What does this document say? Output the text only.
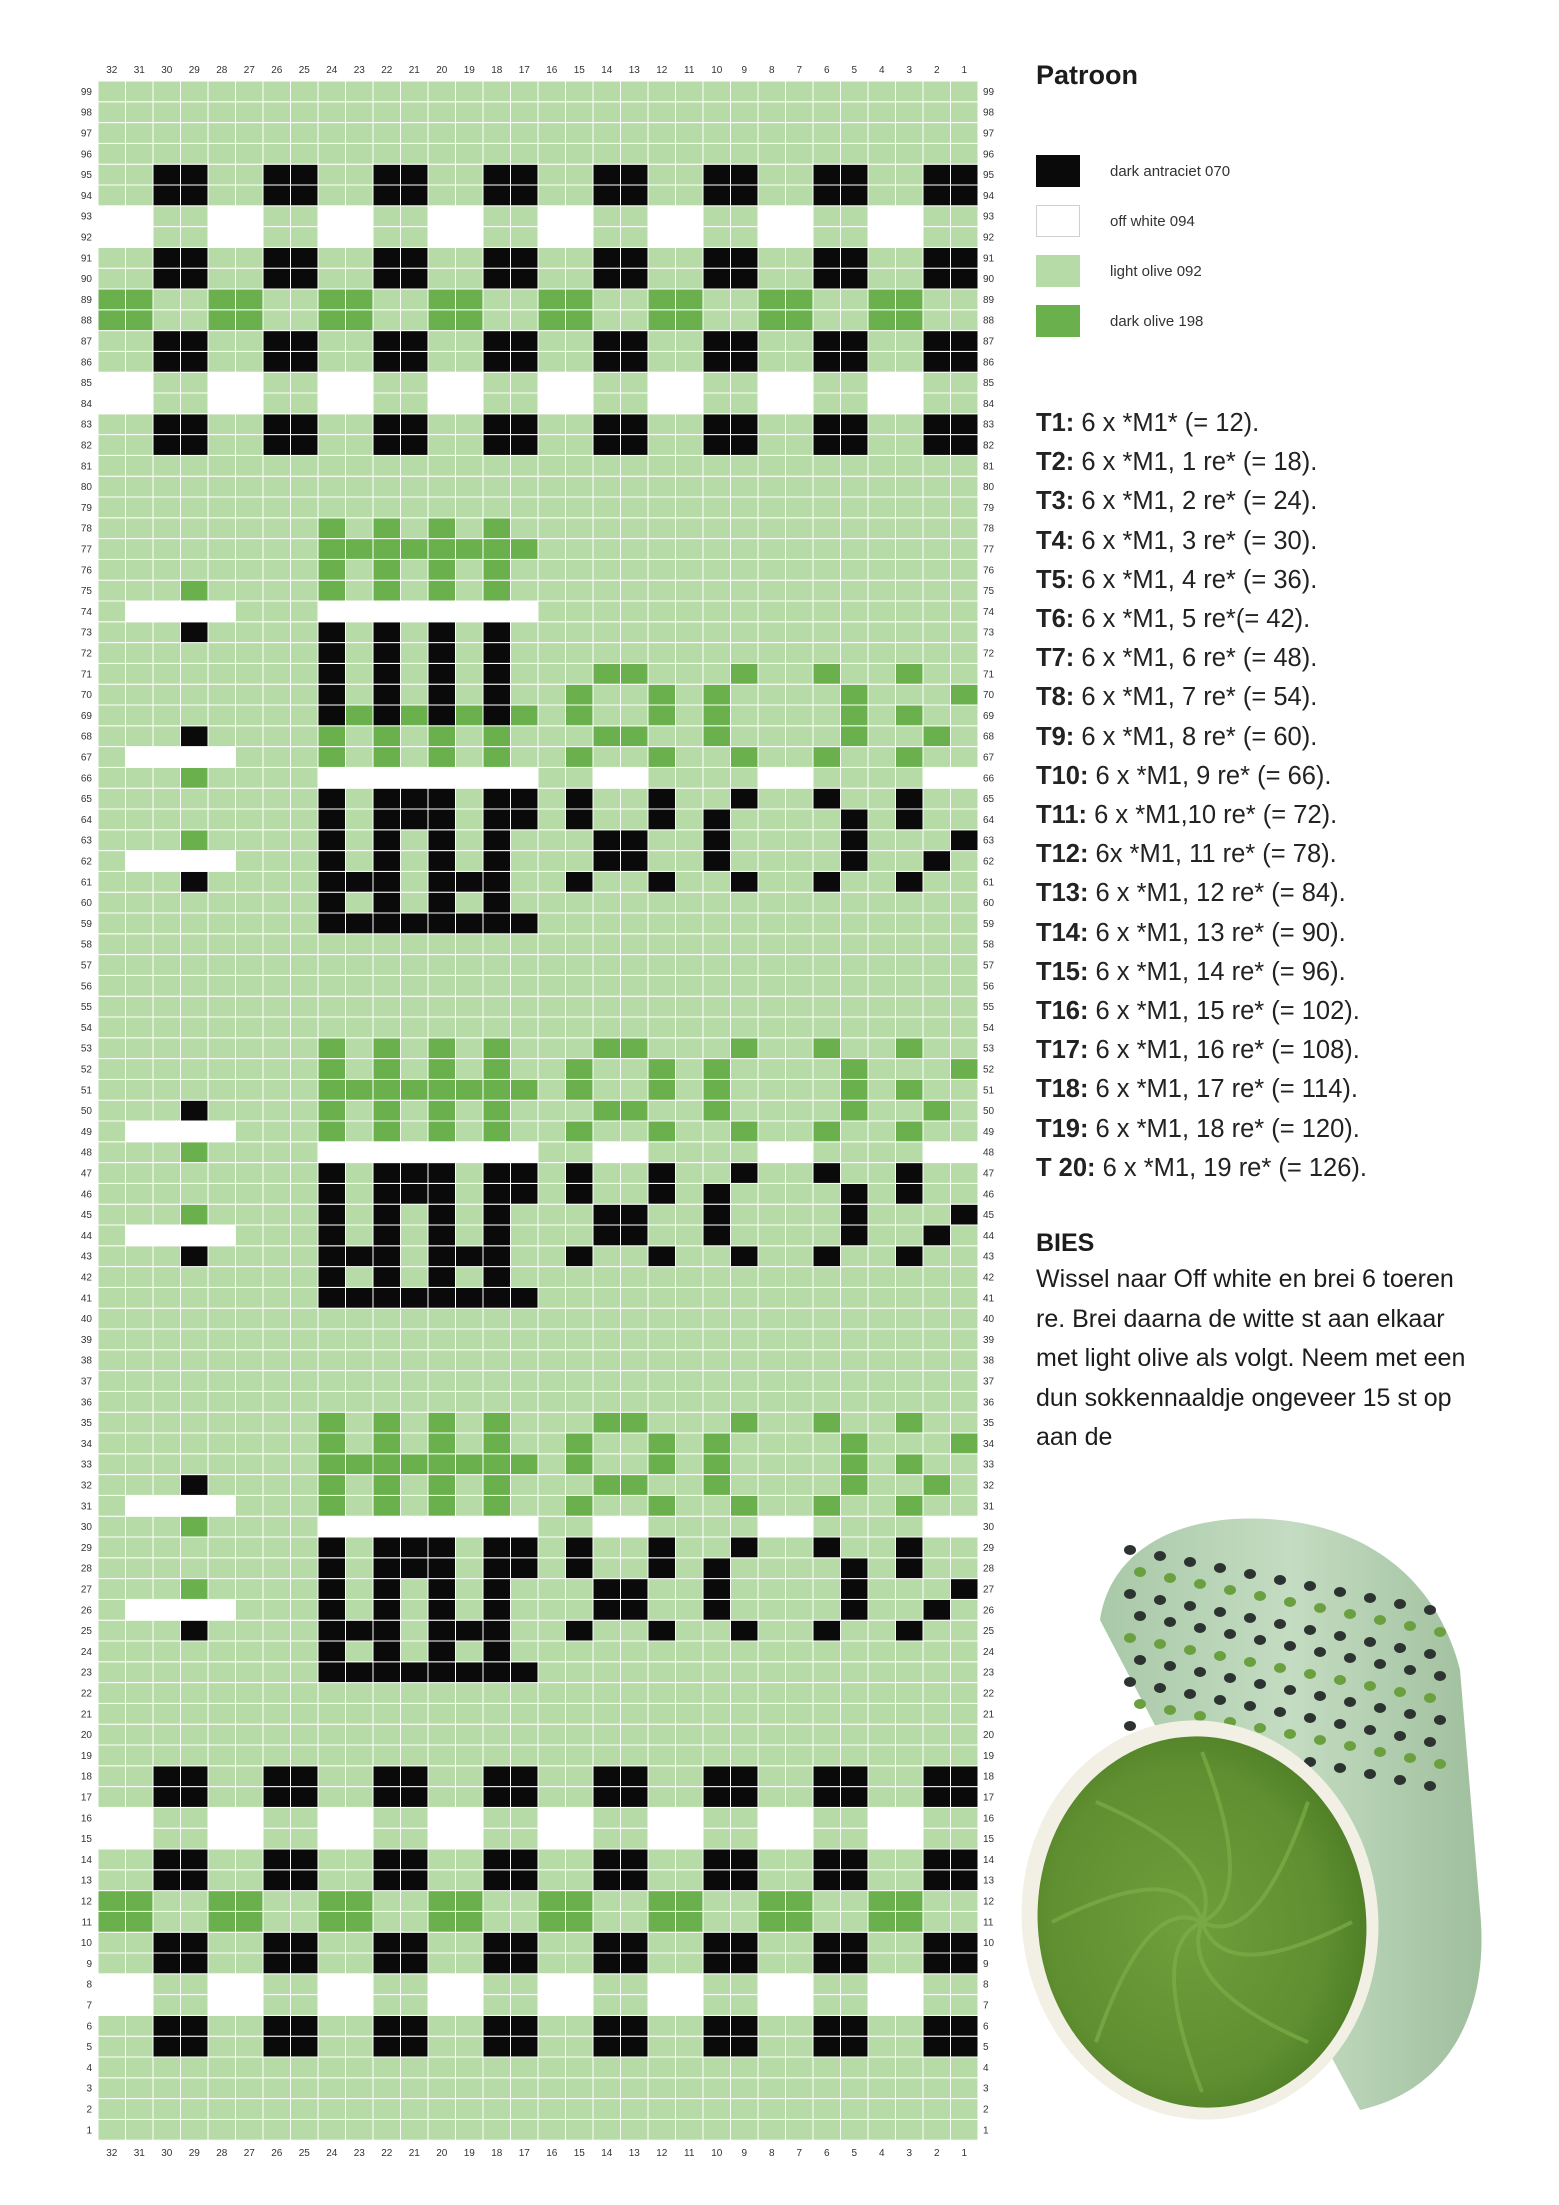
1
1
2
2
3
3
4
4
5
5
6
6
7
7
8
8
9
9
10
10
11
11
12
12
13
13
14
14
15
15
16
16
17
17
18
18
19
19
20
20
21
21
22
22
23
23
24
24
25
25
26
26
27
27
28
28
29
29
30
30
31
31
32
32
1	1
2	2
3	3
4	4
5	5
6	6
7	7
8	8
9	9
10	10
11	11
12	12
13	13
14	14
15	15
16	16
17	17
18	18
19	19
20	20
21	21
22	22
23	23
24	24
25	25
26	26
27	27
28	28
29	29
30	30
31	31
32	32
33	33
34	34
35	35
36	36
37	37
38	38
39	39
40	40
41	41
42	42
43	43
44	44
45	45
46	46
47	47
48	48
49	49
50	50
51	51
52	52
53	53
54	54
55	55
56	56
57	57
58	58
59	59
60	60
61	61
62	62
63	63
64	64
65	65
66	66
67	67
68	68
69	69
70	70
71	71
72	72
73	73
74	74
75	75
76	76
77	77
78	78
79	79
80	80
81	81
82	82
83	83
84	84
85	85
86	86
87	87
88	88
89	89
90	90
91	91
92	92
93	93
94	94
95	95
96	96
97	97
98	98
99	99
Patroon
dark antraciet 070
off white 094
light olive 092
dark olive 198
T1: 6 x *M1* (= 12).
T2: 6 x *M1, 1 re* (= 18).
T3: 6 x *M1, 2 re* (= 24).
T4: 6 x *M1, 3 re* (= 30).
T5: 6 x *M1, 4 re* (= 36).
T6: 6 x *M1, 5 re*(= 42).
T7: 6 x *M1, 6 re* (= 48).
T8: 6 x *M1, 7 re* (= 54).
T9: 6 x *M1, 8 re* (= 60).
T10: 6 x *M1, 9 re* (= 66).
T11: 6 x *M1,10 re* (= 72).
T12: 6x *M1, 11 re* (= 78).
T13: 6 x *M1, 12 re* (= 84).
T14: 6 x *M1, 13 re* (= 90).
T15: 6 x *M1, 14 re* (= 96).
T16: 6 x *M1, 15 re* (= 102).
T17: 6 x *M1, 16 re* (= 108).
T18: 6 x *M1, 17 re* (= 114).
T19: 6 x *M1, 18 re* (= 120).
T 20: 6 x *M1, 19 re* (= 126).
BIES
Wissel naar Off white en brei 6 toeren re. Brei daarna de witte st aan elkaar met light olive als volgt. Neem met een dun sokkennaaldje ongeveer 15 st op aan de
